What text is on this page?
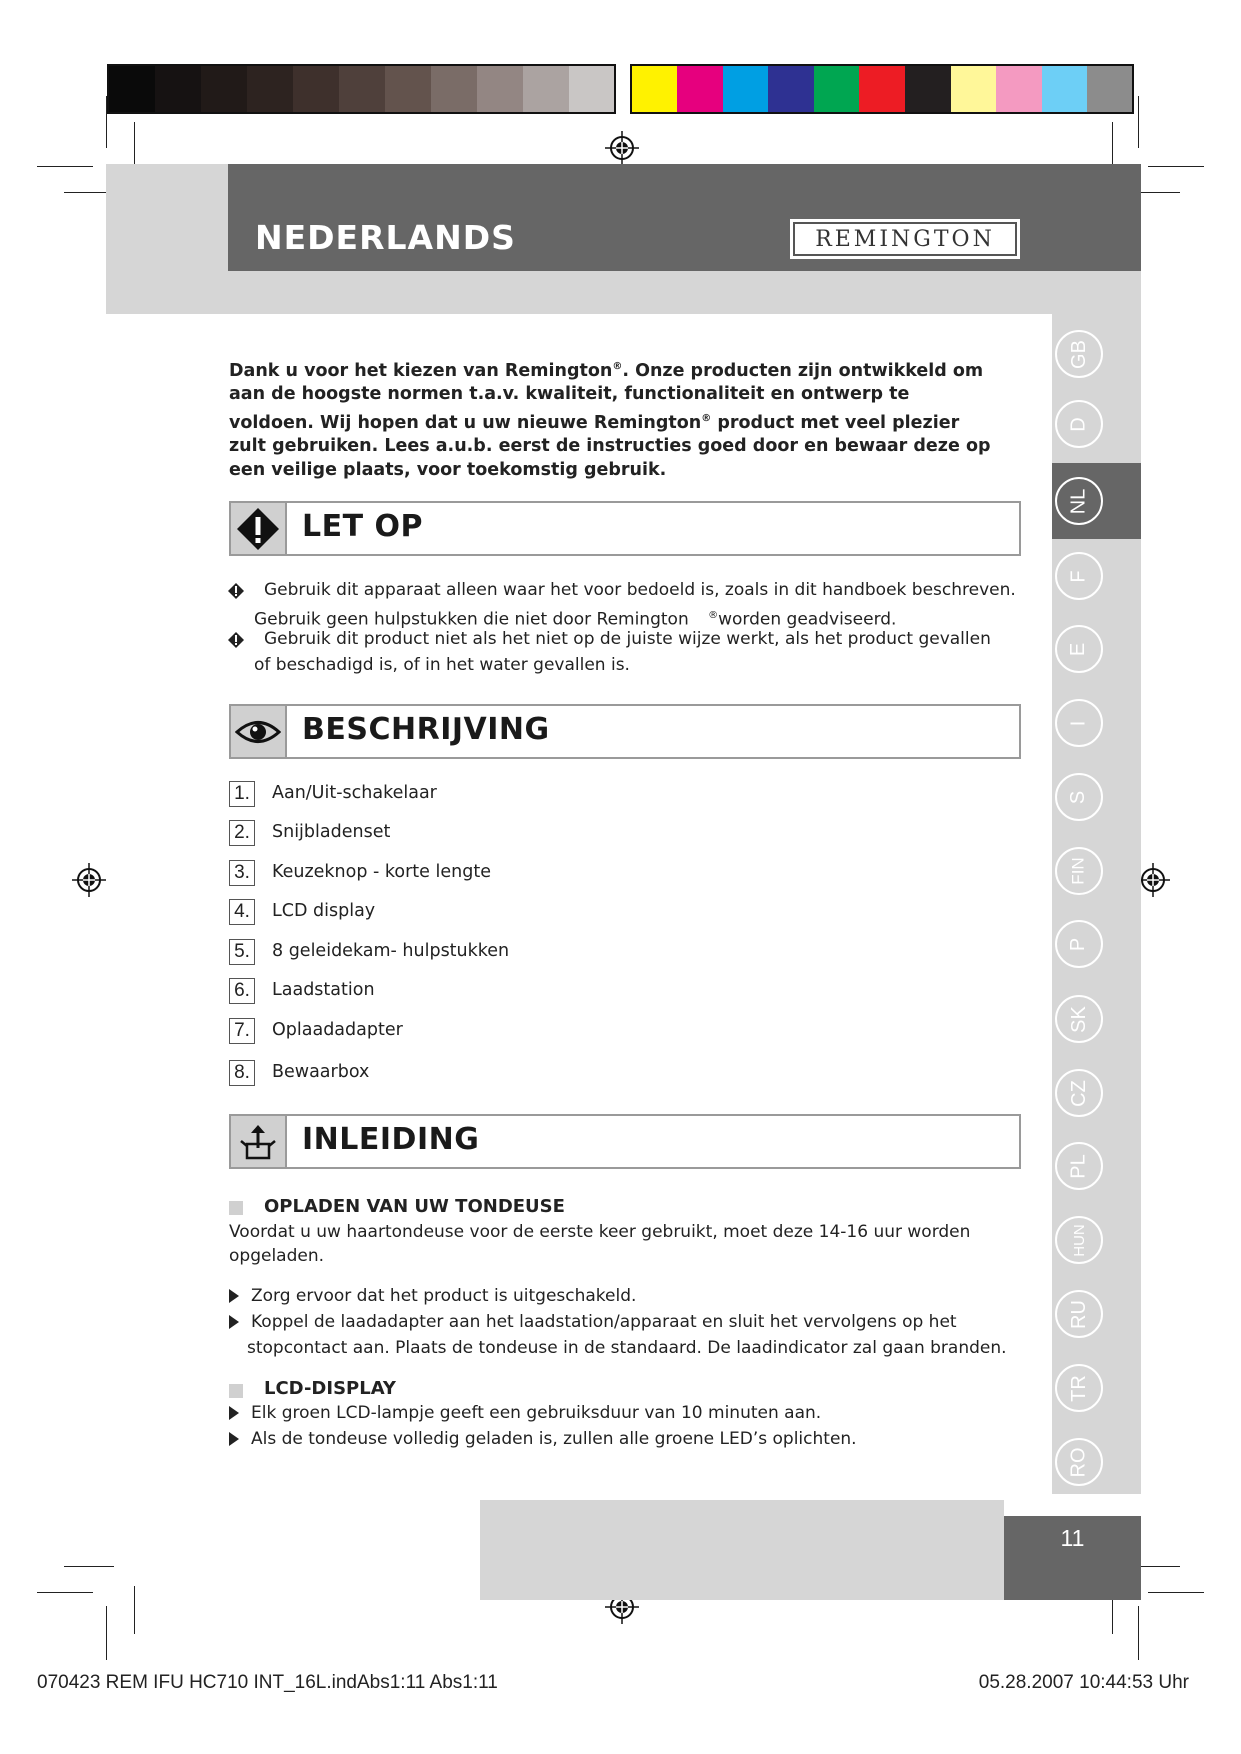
11
NEDERLANDS	REMINGTON
GB
D
NL
F
E
I
S
FIN
P
SK
CZ
PL
HUN
RU
TR
RO
Dank u voor het kiezen van Remington®. Onze producten zijn ontwikkeld om aan de hoogste normen t.a.v. kwaliteit, functionaliteit en ontwerp te voldoen. Wij hopen dat u uw nieuwe Remington® product met veel plezier zult gebruiken. Lees a.u.b. eerst de instructies goed door en bewaar deze op een veilige plaats, voor toekomstig gebruik.
LET OP
Gebruik dit apparaat alleen waar het voor bedoeld is, zoals in dit handboek beschreven.
Gebruik geen hulpstukken die niet door Remington ®worden geadviseerd.
Gebruik dit product niet als het niet op de juiste wijze werkt, als het product gevallen
of beschadigd is, of in het water gevallen is.
BESCHRIJVING
1. Aan/Uit-schakelaar
2. Snijbladenset
3. Keuzeknop - korte lengte
4. LCD display
5. 8 geleidekam- hulpstukken
6. Laadstation
7. Oplaadadapter
8. Bewaarbox
INLEIDING
OPLADEN VAN UW TONDEUSE
Voordat u uw haartondeuse voor de eerste keer gebruikt, moet deze 14-16 uur worden
opgeladen.
Zorg ervoor dat het product is uitgeschakeld.
Koppel de laadadapter aan het laadstation/apparaat en sluit het vervolgens op het
stopcontact aan. Plaats de tondeuse in de standaard. De laadindicator zal gaan branden.
LCD-DISPLAY
Elk groen LCD-lampje geeft een gebruiksduur van 10 minuten aan.
Als de tondeuse volledig geladen is, zullen alle groene LED’s oplichten.
070423 REM IFU HC710 INT_16L.indAbs1:11 Abs1:11	05.28.2007 10:44:53 Uhr
